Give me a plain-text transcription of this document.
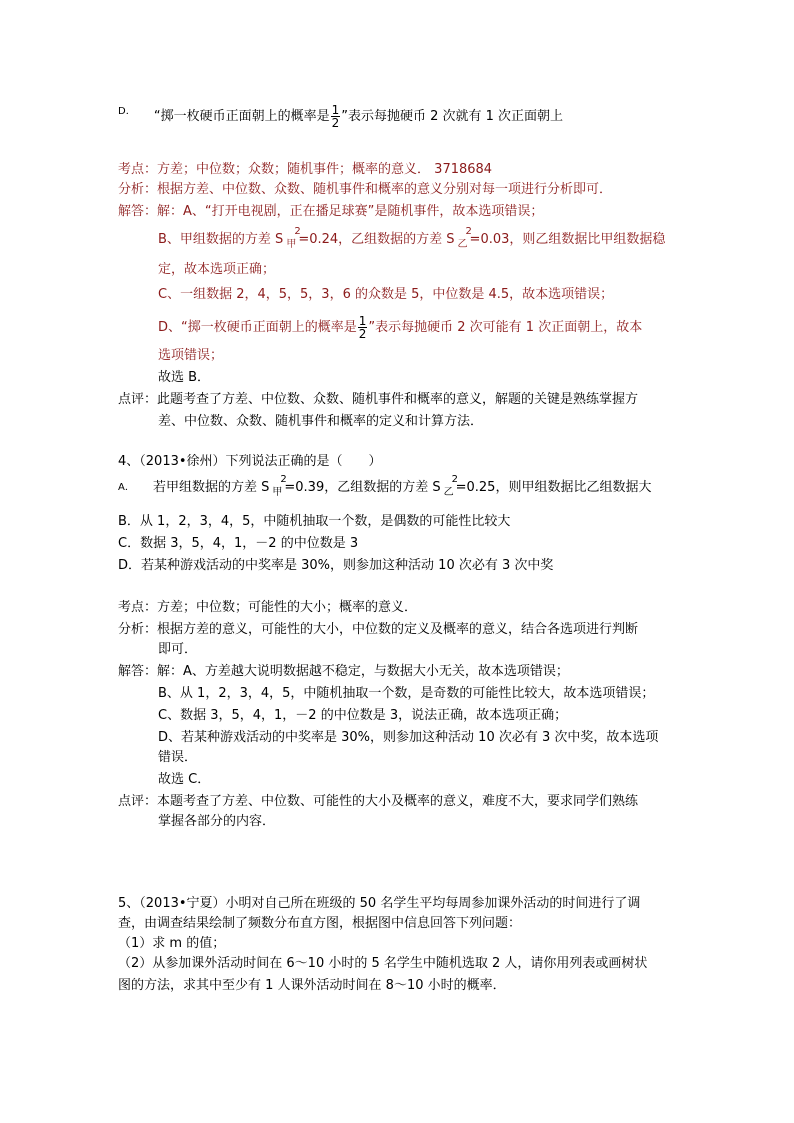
$^{D.}$ “掷一枚硬币正面朝上的概率是 $\frac{1}{2}$ ”表示每抛硬币 2 次就有 1 次正面朝上
考点：方差；中位数；众数；随机事件；概率的意义． 3718684
分析：根据方差、中位数、众数、随机事件和概率的意义分别对每一项进行分析即可．
解答：解：A、“打开电视剧，正在播足球赛”是随机事件，故本选项错误；
B、甲组数据的方差 S
2
$_甲$ =0.24，乙组数据的方差 S
2
$_乙$ =0.03，则乙组数据比甲组数据稳
定，故本选项正确；
C、一组数据 2，4，5，5，3，6 的众数是 5，中位数是 4.5，故本选项错误；
D、“掷一枚硬币正面朝上的概率是 $\frac{1}{2}$ ”表示每抛硬币 2 次可能有 1 次正面朝上，故本
选项错误；
故选 B．
点评：此题考查了方差、中位数、众数、随机事件和概率的意义，解题的关键是熟练掌握方
差、中位数、众数、随机事件和概率的定义和计算方法．
4、（2013•徐州）下列说法正确的是（　　）
$^{A.}$ 若甲组数据的方差 S
2
$_甲$ =0.39，乙组数据的方差 S
2
$_乙$ =0.25，则甲组数据比乙组数据大
B．从 1，2，3，4，5，中随机抽取一个数，是偶数的可能性比较大
C．数据 3，5，4，1，－2 的中位数是 3
D．若某种游戏活动的中奖率是 30%，则参加这种活动 10 次必有 3 次中奖
考点：方差；中位数；可能性的大小；概率的意义．
分析：根据方差的意义，可能性的大小，中位数的定义及概率的意义，结合各选项进行判断
即可．
解答：解：A、方差越大说明数据越不稳定，与数据大小无关，故本选项错误；
B、从 1，2，3，4，5，中随机抽取一个数，是奇数的可能性比较大，故本选项错误；
C、数据 3，5，4，1，－2 的中位数是 3，说法正确，故本选项正确；
D、若某种游戏活动的中奖率是 30%，则参加这种活动 10 次必有 3 次中奖，故本选项
错误．
故选 C．
点评：本题考查了方差、中位数、可能性的大小及概率的意义，难度不大，要求同学们熟练
掌握各部分的内容．
5、（2013•宁夏）小明对自己所在班级的 50 名学生平均每周参加课外活动的时间进行了调
查，由调查结果绘制了频数分布直方图，根据图中信息回答下列问题：
（1）求 m 的值；
（2）从参加课外活动时间在 6～10 小时的 5 名学生中随机选取 2 人，请你用列表或画树状
图的方法，求其中至少有 1 人课外活动时间在 8～10 小时的概率．
